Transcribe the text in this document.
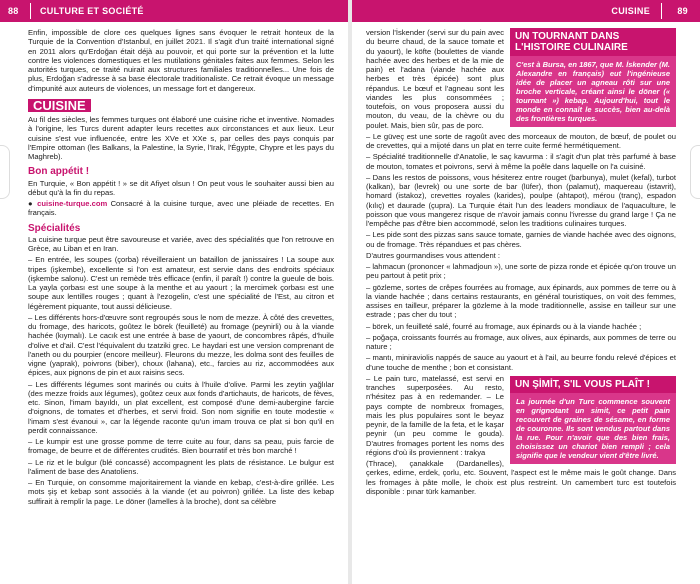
88 CULTURE ET SOCIÉTÉ

Enfin, impossible de clore ces quelques lignes sans évoquer le retrait honteux de la Turquie de la Convention d'Istanbul, en juillet 2021. Il s'agit d'un traité international signé en 2011 alors qu'Erdoğan était déjà au pouvoir, et qui porte sur la prévention et la lutte contre les violences domestiques et les mutilations génitales faites aux femmes. Selon les autorités turques, ce traité nuirait aux structures familiales traditionnelles... Une fois de plus, Erdoğan s'adresse à sa base électorale traditionaliste. Ce retrait évoque un message d'impunité aux auteurs de violences, un message fort et dangereux.

CUISINE

Au fil des siècles, les femmes turques ont élaboré une cuisine riche et inventive. Nomades à l'origine, les Turcs durent adapter leurs recettes aux circonstances et aux lieux. Leur cuisine s'est vue influencée, entre les XVe et XXe s, par celles des pays conquis par l'Empire ottoman (les Balkans, la Palestine, la Syrie, l'Irak, l'Égypte, Chypre et les pays du Maghreb).

Bon appétit !

En Turquie, « Bon appétit ! » se dit Afiyet olsun ! On peut vous le souhaiter aussi bien au début qu'à la fin du repas.

● cuisine-turque.com Consacré à la cuisine turque, avec une pléiade de recettes. En français.

Spécialités

La cuisine turque peut être savoureuse et variée, avec des spécialités que l'on retrouve en Grèce, au Liban et en Iran.

– En entrée, les soupes (çorba) réveilleraient un bataillon de janissaires ! La soupe aux tripes (işkembe), excellente si l'on est amateur, est servie dans des endroits spéciaux (işkembe salonu). C'est un remède très efficace (enfin, il paraît !) contre la gueule de bois. La yayla çorbası est une soupe à la menthe et au yaourt ; la mercimek çorbası est une soupe aux lentilles rouges ; quant à l'ezogelin, c'est une spécialité de l'Est, au citron et légèrement piquante, tout aussi délicieuse.

– Les différents hors-d'œuvre sont regroupés sous le nom de mezze. À côté des crevettes, du fromage, des haricots, goûtez le börek (feuilleté) au fromage (peynirli) ou à la viande hachée (kıymalı). Le cacık est une entrée à base de yaourt, de concombres râpés, d'huile d'olive et d'ail. C'est l'équivalent du tzatziki grec. Le haydari est une version comprenant de l'aneth ou du pourpier (encore meilleur). Fleurons du mezze, les dolma sont des feuilles de vigne (yaprak), poivrons (biber), choux (lahana), etc., farcies au riz, accommodées aux épices, aux pignons de pin et aux raisins secs.

– Les différents légumes sont marinés ou cuits à l'huile d'olive. Parmi les zeytin yağlılar (des mezze froids aux légumes), goûtez ceux aux fonds d'artichauts, de haricots, de fèves, etc. Sinon, l'imam bayıldı, un plat excellent, est composé d'une demi-aubergine farcie d'oignons, de tomates et d'herbes, et servi froid. Son nom signifie en toute modestie « l'imam s'est évanoui », car la légende raconte qu'un imam trouva ce plat si bon qu'il en perdit connaissance.

– Le kumpir est une grosse pomme de terre cuite au four, dans sa peau, puis farcie de fromage, de beurre et de différentes crudités. Bien bourratif et très bon marché !

– Le riz et le bulgur (blé concassé) accompagnent les plats de résistance. Le bulgur est l'aliment de base des Anatoliens.

– En Turquie, on consomme majoritairement la viande en kebap, c'est-à-dire grillée. Les mots şiş et kebap sont associés à la viande (et au poivron) grillée. La liste des kebap suffirait à remplir la page. Le döner (lamelles à la broche), dont sa célèbre

CUISINE	89
UN TOURNANT DANS L'HISTOIRE CULINAIRE
C'est à Bursa, en 1867, que M. İskender (M. Alexandre en français) eut l'ingénieuse idée de placer un agneau rôti sur une broche verticale, créant ainsi le döner (« tournant ») kebap. Aujourd'hui, tout le monde en connaît le succès, bien au-delà des frontières turques.

version l'İskender (servi sur du pain avec du beurre chaud, de la sauce tomate et du yaourt), le köfte (boulettes de viande hachée avec des herbes et de la mie de pain) et l'adana (viande hachée aux herbes et très épicée) sont plus répandus. Le bœuf et l'agneau sont les viandes les plus consommées ; toutefois, on vous proposera aussi du mouton, du veau, de la chèvre ou du poulet. Mais, bien sûr, pas de porc.

– Le güveç est une sorte de ragoût avec des morceaux de mouton, de bœuf, de poulet ou de crevettes, qui a mijoté dans un plat en terre cuite fermé hermétiquement.

– Spécialité traditionnelle d'Anatolie, le saç kavurma : il s'agit d'un plat très parfumé à base de mouton, tomates et poivrons, servi à même la poêle dans laquelle on l'a cuisiné.

– Dans les restos de poissons, vous hésiterez entre rouget (barbunya), mulet (kefal), turbot (kalkan), bar (levrek) ou une sorte de bar (lüfer), thon (palamut), maquereau (istavrit), homard (istakoz), crevettes royales (karides), poulpe (ahtapot), mérou (tranç), espadon (kılıç) et daurade (çupra). La Turquie était l'un des leaders mondiaux de l'aquaculture, le poisson que vous mangerez risque de n'avoir jamais connu l'ivresse du grand large ! Ça ne l'empêche pas d'être bien accommodé, selon les traditions culinaires turques.

– Les pide sont des pizzas sans sauce tomate, garnies de viande hachée avec des oignons, ou de fromage. Très répandues et pas chères.

D'autres gourmandises vous attendent :

– lahmacun (prononcer « lahmadjoun »), une sorte de pizza ronde et épicée qu'on trouve un peu partout à petit prix ;

– gözleme, sortes de crêpes fourrées au fromage, aux épinards, aux pommes de terre ou à la viande hachée ; dans certains restaurants, en général touristiques, on voit des femmes, assises en tailleur, préparer la gözleme à la mode traditionnelle, assise en tailleur sur une estrade ; pas cher du tout ;

– börek, un feuilleté salé, fourré au fromage, aux épinards ou à la viande hachée ;

– poğaça, croissants fourrés au fromage, aux olives, aux épinards, aux pommes de terre ou nature ;

– mantı, miniraviolis nappés de sauce au yaourt et à l'ail, au beurre fondu relevé d'épices et d'une touche de menthe ; bon et consistant.

UN ŞİMİT, S'IL VOUS PLAÎT !
La journée d'un Turc commence souvent en grignotant un simit, ce petit pain recouvert de graines de sésame, en forme de couronne. Ils sont vendus partout dans la rue. Pour n'avoir que des bien frais, choisissez un chariot bien rempli ; cela signifie que le vendeur vient d'être livré.

– Le pain turc, matelassé, est servi en tranches superposées. Au resto, n'hésitez pas à en redemander. – Le pays compte de nombreux fromages, mais les plus populaires sont le beyaz peynir, de la famille de la feta, et le kaşar peynir (un peu comme le gouda). D'autres fromages portent les noms des régions d'où ils proviennent : trakya

(Thrace), çanakkale (Dardanelles), çerkes, edirne, erdek, çorlu, etc. Souvent, l'aspect est le même mais le goût change. Dans les fromages à pâte molle, le choix est plus restreint. Un camembert turc est toutefois disponible : pınar türk kamanber.
